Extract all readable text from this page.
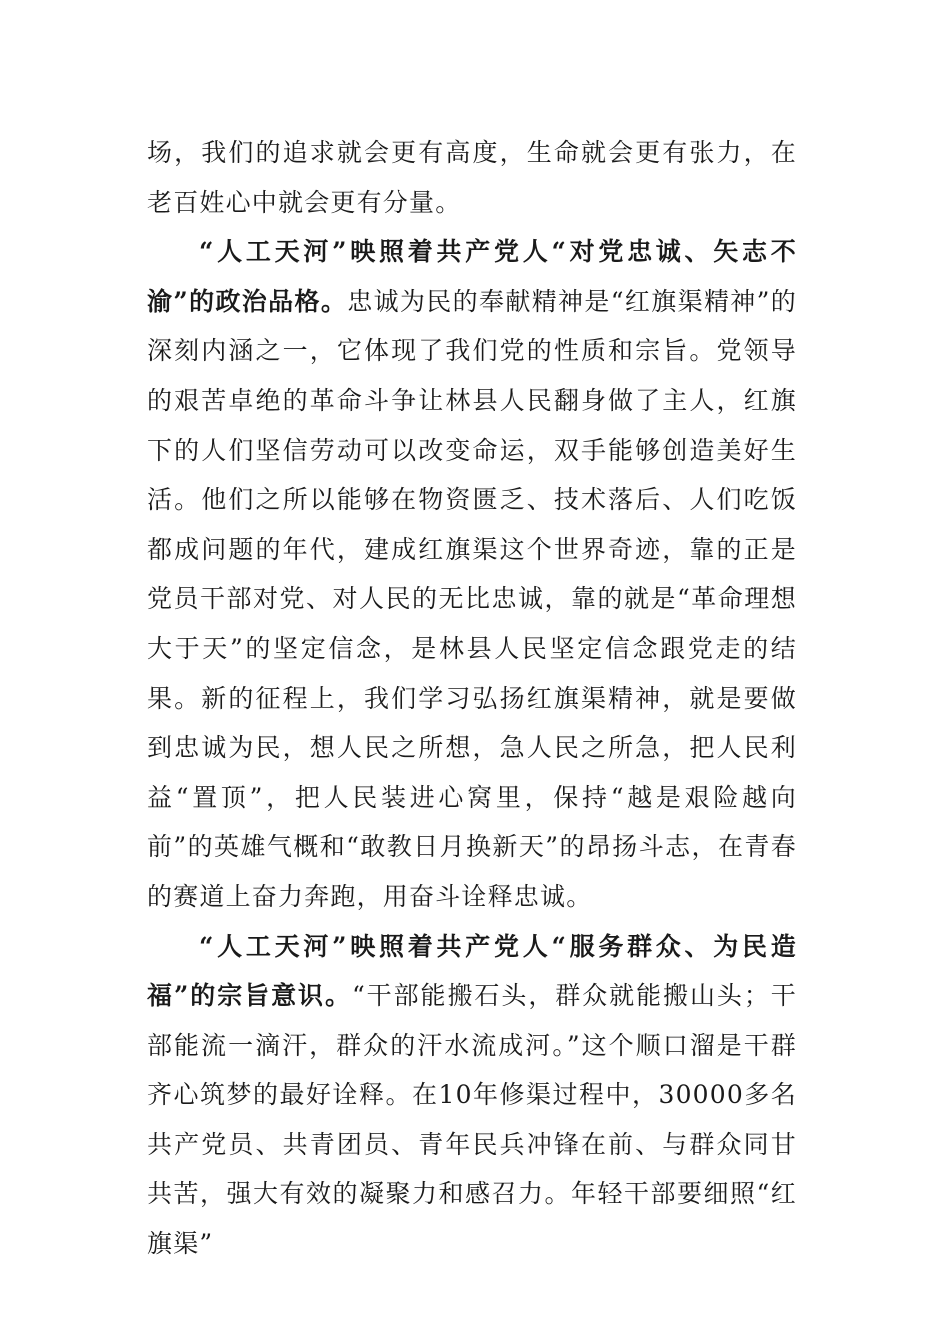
场，我们的追求就会更有高度，生命就会更有张力，在老百姓心中就会更有分量。

“人工天河”映照着共产党人“对党忠诚、矢志不渝”的政治品格。忠诚为民的奉献精神是“红旗渠精神”的深刻内涵之一，它体现了我们党的性质和宗旨。党领导的艰苦卓绝的革命斗争让林县人民翻身做了主人，红旗下的人们坚信劳动可以改变命运，双手能够创造美好生活。他们之所以能够在物资匮乏、技术落后、人们吃饭都成问题的年代，建成红旗渠这个世界奇迹，靠的正是党员干部对党、对人民的无比忠诚，靠的就是“革命理想大于天”的坚定信念，是林县人民坚定信念跟党走的结果。新的征程上，我们学习弘扬红旗渠精神，就是要做到忠诚为民，想人民之所想，急人民之所急，把人民利益“置顶”，把人民装进心窝里，保持“越是艰险越向前”的英雄气概和“敢教日月换新天”的昂扬斗志，在青春的赛道上奋力奔跑，用奋斗诠释忠诚。

“人工天河”映照着共产党人“服务群众、为民造福”的宗旨意识。“干部能搬石头，群众就能搬山头；干部能流一滴汗，群众的汗水流成河。”这个顺口溜是干群齐心筑梦的最好诠释。在10年修渠过程中，30000多名共产党员、共青团员、青年民兵冲锋在前、与群众同甘共苦，强大有效的凝聚力和感召力。年轻干部要细照“红旗渠”
